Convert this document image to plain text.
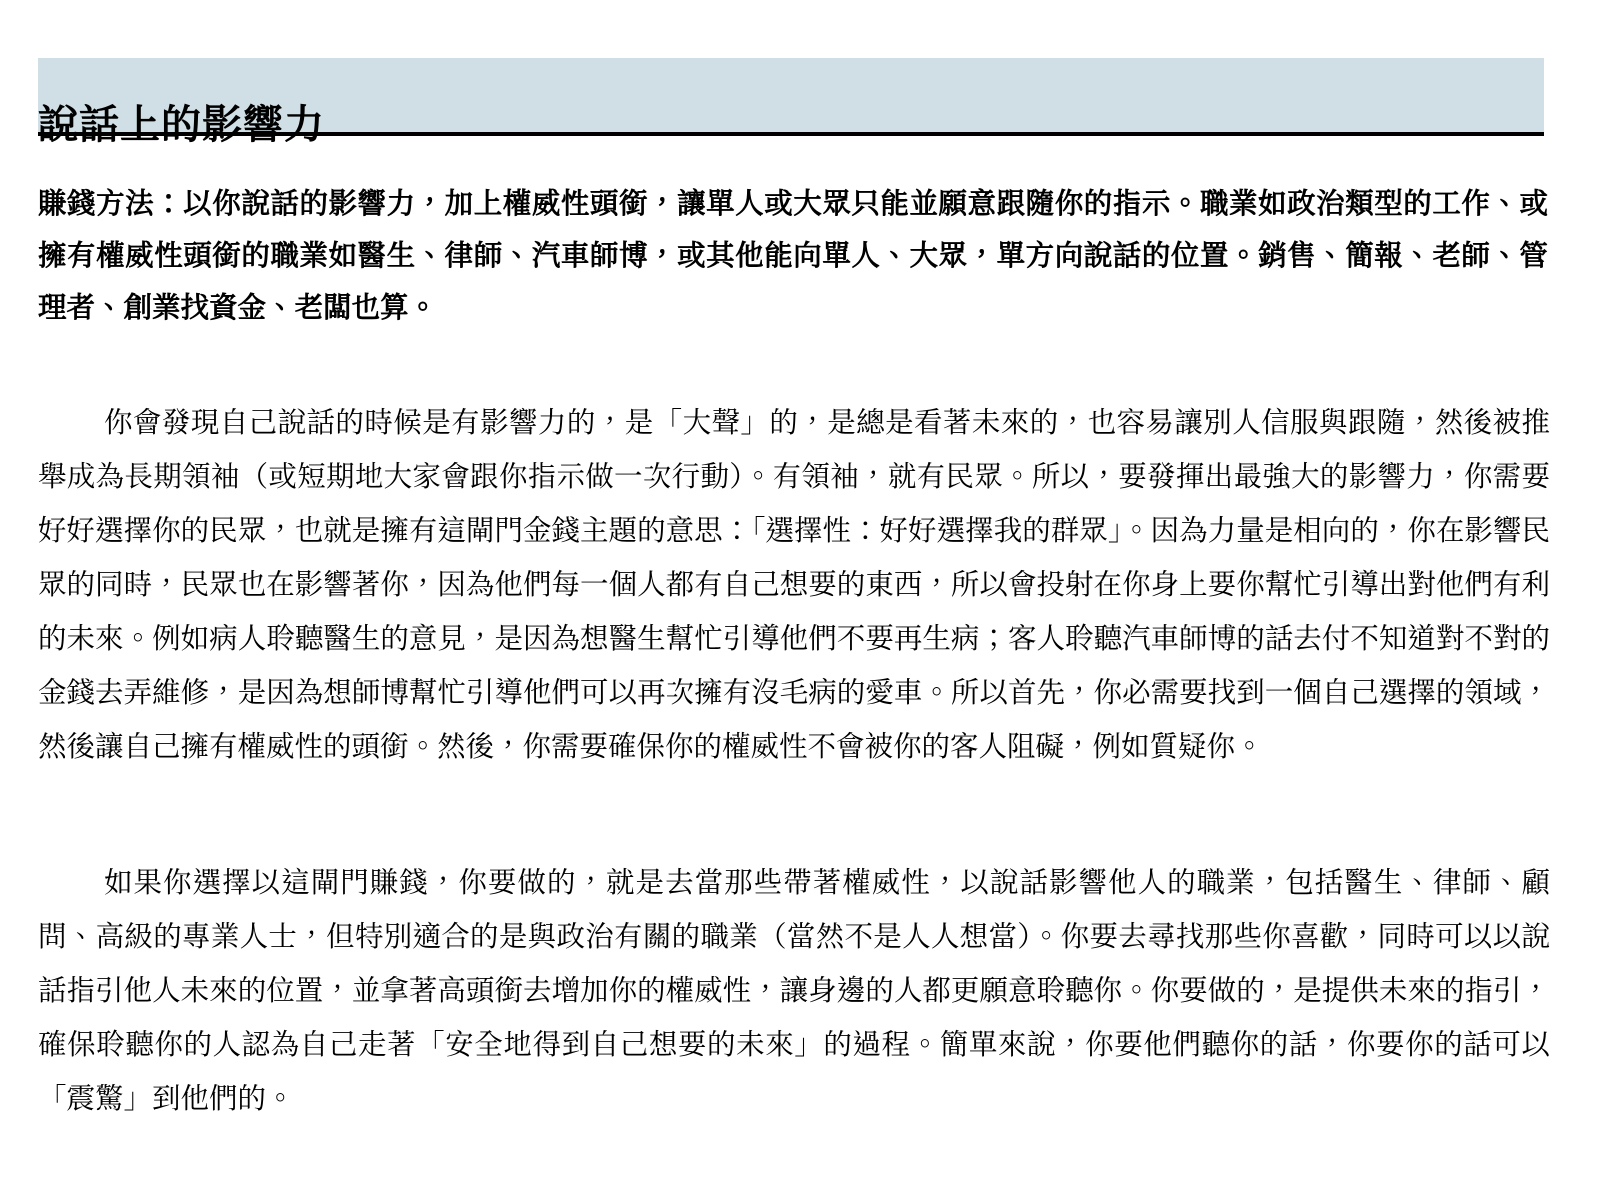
說話上的影響力

賺錢方法：以你說話的影響力，加上權威性頭銜，讓單人或大眾只能並願意跟隨你的指示。職業如政治類型的工作、或擁有權威性頭銜的職業如醫生、律師、汽車師博，或其他能向單人、大眾，單方向說話的位置。銷售、簡報、老師、管理者、創業找資金、老闆也算。

你會發現自己說話的時候是有影響力的，是「大聲」的，是總是看著未來的，也容易讓別人信服與跟隨，然後被推舉成為長期領袖（或短期地大家會跟你指示做一次行動）。有領袖，就有民眾。所以，要發揮出最強大的影響力，你需要好好選擇你的民眾，也就是擁有這閘門金錢主題的意思：「選擇性：好好選擇我的群眾」。因為力量是相向的，你在影響民眾的同時，民眾也在影響著你，因為他們每一個人都有自己想要的東西，所以會投射在你身上要你幫忙引導出對他們有利的未來。例如病人聆聽醫生的意見，是因為想醫生幫忙引導他們不要再生病；客人聆聽汽車師博的話去付不知道對不對的金錢去弄維修，是因為想師博幫忙引導他們可以再次擁有沒毛病的愛車。所以首先，你必需要找到一個自己選擇的領域，然後讓自己擁有權威性的頭銜。然後，你需要確保你的權威性不會被你的客人阻礙，例如質疑你。

如果你選擇以這閘門賺錢，你要做的，就是去當那些帶著權威性，以說話影響他人的職業，包括醫生、律師、顧問、高級的專業人士，但特別適合的是與政治有關的職業（當然不是人人想當）。你要去尋找那些你喜歡，同時可以以說話指引他人未來的位置，並拿著高頭銜去增加你的權威性，讓身邊的人都更願意聆聽你。你要做的，是提供未來的指引，確保聆聽你的人認為自己走著「安全地得到自己想要的未來」的過程。簡單來說，你要他們聽你的話，你要你的話可以「震驚」到他們的。
